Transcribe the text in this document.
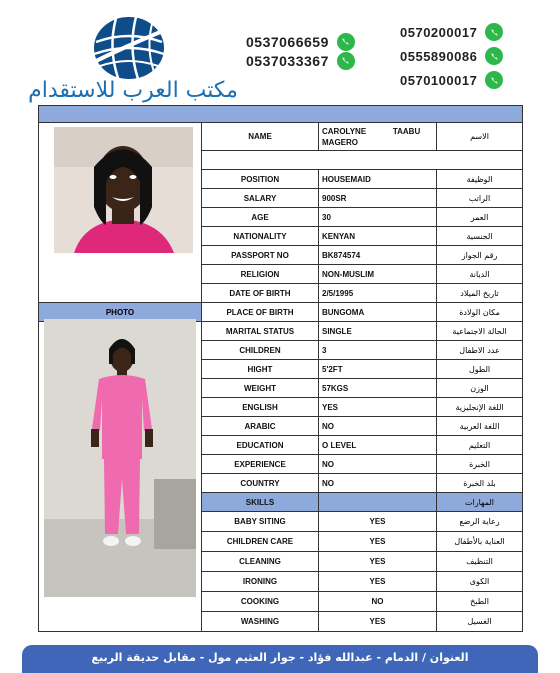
مكتب العرب للاستقدام
0537066659
0537033367
0570200017
0555890086
0570100017

	NAME	CAROLYNE TAABU
MAGERO	الاسم

	POSITION	HOUSEMAID	الوظيفة
	SALARY	900SR	الراتب
	AGE	30	العمر
	NATIONALITY	KENYAN	الجنسية
	PASSPORT NO	BK874574	رقم الجواز
	RELIGION	NON-MUSLIM	الديانة
	DATE OF BIRTH	2/5/1995	تاريخ الميلاد
PHOTO	PLACE OF BIRTH	BUNGOMA	مكان الولادة
	MARITAL STATUS	SINGLE	الحالة الاجتماعية
	CHILDREN	3	عدد الاطفال
	HIGHT	5'2FT	الطول
	WEIGHT	57KGS	الوزن
	ENGLISH	YES	اللغة الإنجليزية
	ARABIC	NO	اللغة العربية
	EDUCATION	O LEVEL	التعليم
	EXPERIENCE	NO	الخبرة
	COUNTRY	NO	بلد الخبرة
	SKILLS		المهارات
	BABY SITING	YES	رعاية الرضع
	CHILDREN CARE	YES	العناية بالأطفال
	CLEANING	YES	التنظيف
	IRONING	YES	الكوى
	COOKING	NO	الطبخ
	WASHING	YES	الغسيل
العنوان / الدمام - عبدالله فؤاد - جوار العثيم مول - مقابل حديقة الربيع
